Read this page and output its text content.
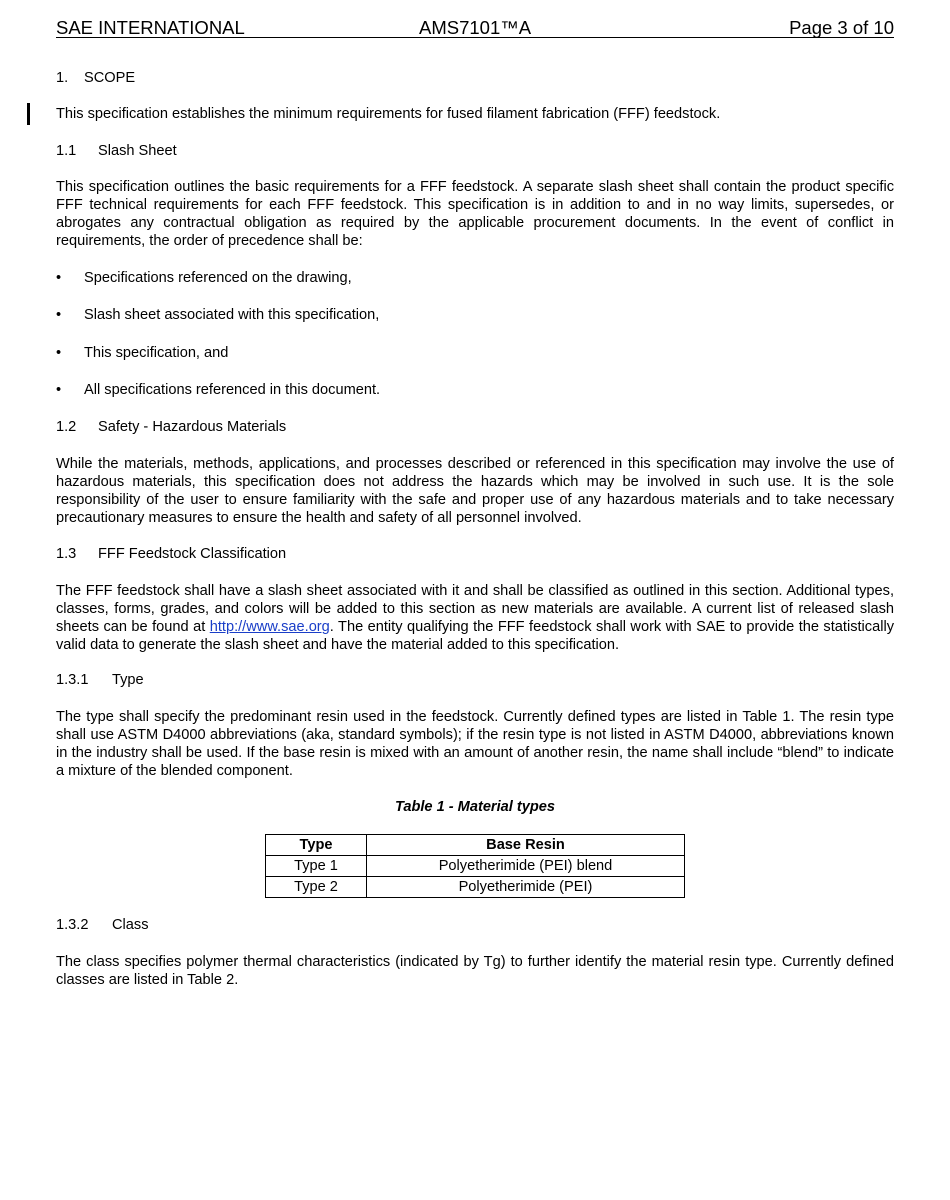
SAE INTERNATIONAL	AMS7101™A	Page 3 of 10
1. SCOPE
This specification establishes the minimum requirements for fused filament fabrication (FFF) feedstock.
1.1 Slash Sheet
This specification outlines the basic requirements for a FFF feedstock. A separate slash sheet shall contain the product specific FFF technical requirements for each FFF feedstock. This specification is in addition to and in no way limits, supersedes, or abrogates any contractual obligation as required by the applicable procurement documents. In the event of conflict in requirements, the order of precedence shall be:
• Specifications referenced on the drawing,
• Slash sheet associated with this specification,
• This specification, and
• All specifications referenced in this document.
1.2 Safety - Hazardous Materials
While the materials, methods, applications, and processes described or referenced in this specification may involve the use of hazardous materials, this specification does not address the hazards which may be involved in such use. It is the sole responsibility of the user to ensure familiarity with the safe and proper use of any hazardous materials and to take necessary precautionary measures to ensure the health and safety of all personnel involved.
1.3 FFF Feedstock Classification
The FFF feedstock shall have a slash sheet associated with it and shall be classified as outlined in this section. Additional types, classes, forms, grades, and colors will be added to this section as new materials are available. A current list of released slash sheets can be found at http://www.sae.org. The entity qualifying the FFF feedstock shall work with SAE to provide the statistically valid data to generate the slash sheet and have the material added to this specification.
1.3.1 Type
The type shall specify the predominant resin used in the feedstock. Currently defined types are listed in Table 1. The resin type shall use ASTM D4000 abbreviations (aka, standard symbols); if the resin type is not listed in ASTM D4000, abbreviations known in the industry shall be used. If the base resin is mixed with an amount of another resin, the name shall include “blend” to indicate a mixture of the blended component.
Table 1 - Material types
Type	Base Resin
Type 1	Polyetherimide (PEI) blend
Type 2	Polyetherimide (PEI)
1.3.2 Class
The class specifies polymer thermal characteristics (indicated by Tg) to further identify the material resin type. Currently defined classes are listed in Table 2.
